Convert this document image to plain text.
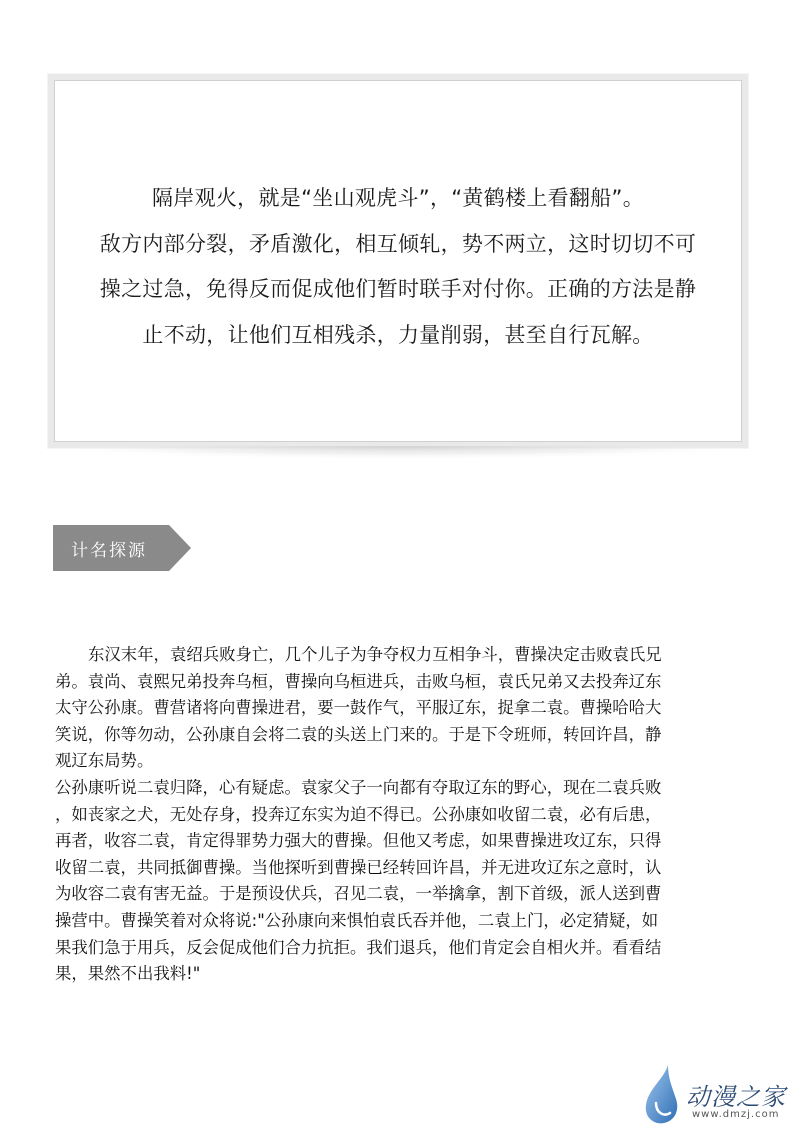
隔岸观火，就是“坐山观虎斗”，“黄鹤楼上看翻船”。
敌方内部分裂，矛盾激化，相互倾轧，势不两立，这时切切不可
操之过急，免得反而促成他们暂时联手对付你。正确的方法是静
止不动，让他们互相残杀，力量削弱，甚至自行瓦解。
计名探源
东汉末年，袁绍兵败身亡，几个儿子为争夺权力互相争斗，曹操决定击败袁氏兄
弟。袁尚、袁熙兄弟投奔乌桓，曹操向乌桓进兵，击败乌桓，袁氏兄弟又去投奔辽东
太守公孙康。曹营诸将向曹操进君，要一鼓作气，平服辽东，捉拿二袁。曹操哈哈大
笑说，你等勿动，公孙康自会将二袁的头送上门来的。于是下令班师，转回许昌，静
观辽东局势。
公孙康听说二袁归降，心有疑虑。袁家父子一向都有夺取辽东的野心，现在二袁兵败
，如丧家之犬，无处存身，投奔辽东实为迫不得已。公孙康如收留二袁，必有后患，
再者，收容二袁，肯定得罪势力强大的曹操。但他又考虑，如果曹操进攻辽东，只得
收留二袁，共同抵御曹操。当他探听到曹操已经转回许昌，并无进攻辽东之意时，认
为收容二袁有害无益。于是预设伏兵，召见二袁，一举擒拿，割下首级，派人送到曹
操营中。曹操笑着对众将说:"公孙康向来惧怕袁氏吞并他，二袁上门，必定猜疑，如
果我们急于用兵，反会促成他们合力抗拒。我们退兵，他们肯定会自相火并。看看结
果，果然不出我料!"
动漫之家
www.dmzj.com
